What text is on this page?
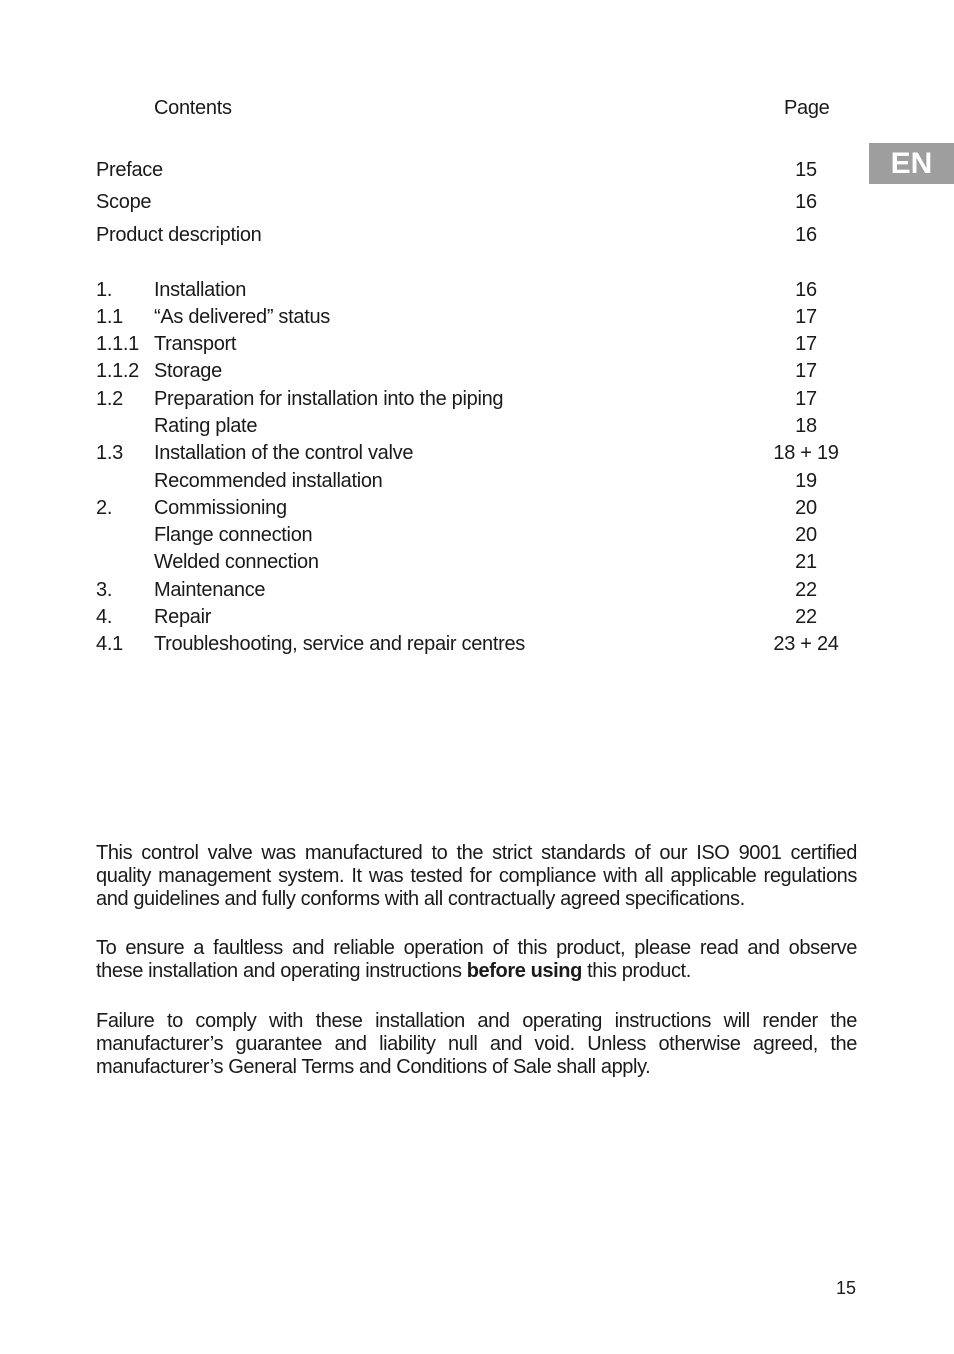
Contents	Page
EN
Preface	15
Scope	16
Product description	16
1. Installation	16
1.1 “As delivered” status	17
1.1.1 Transport	17
1.1.2 Storage	17
1.2 Preparation for installation into the piping	17
Rating plate	18
1.3 Installation of the control valve	18 + 19
Recommended installation	19
2. Commissioning	20
Flange connection	20
Welded connection	21
3. Maintenance	22
4. Repair	22
4.1 Troubleshooting, service and repair centres	23 + 24

This control valve was manufactured to the strict standards of our ISO 9001 certified quality management system. It was tested for compliance with all applicable regulations and guidelines and fully conforms with all contractually agreed specifications.

To ensure a faultless and reliable operation of this product, please read and observe these installation and operating instructions before using this product.

Failure to comply with these installation and operating instructions will render the manufacturer’s guarantee and liability null and void. Unless otherwise agreed, the manufacturer’s General Terms and Conditions of Sale shall apply.

15
